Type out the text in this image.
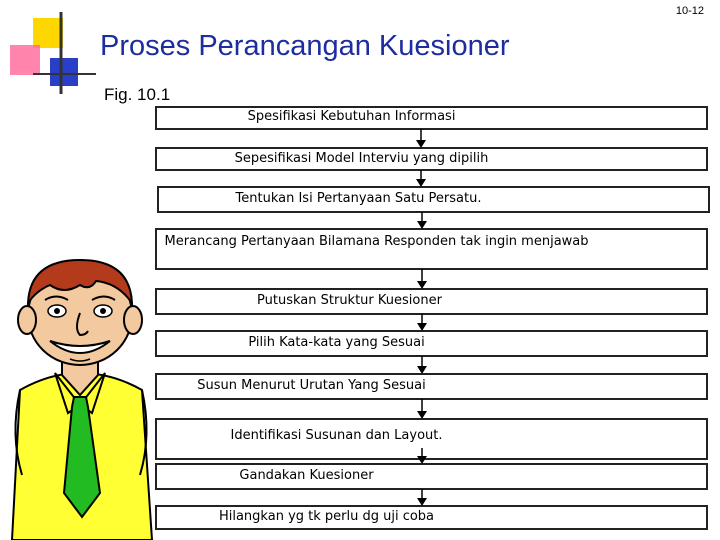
10-12
Proses Perancangan Kuesioner
Fig. 10.1
Spesifikasi Kebutuhan Informasi
Sepesifikasi Model Interviu yang dipilih
Tentukan Isi Pertanyaan Satu Persatu.
Merancang Pertanyaan Bilamana Responden tak ingin menjawab
Putuskan Struktur Kuesioner
Pilih Kata-kata yang Sesuai
Susun Menurut Urutan Yang Sesuai
Identifikasi Susunan dan Layout.
Gandakan Kuesioner
Hilangkan yg tk perlu dg uji coba
